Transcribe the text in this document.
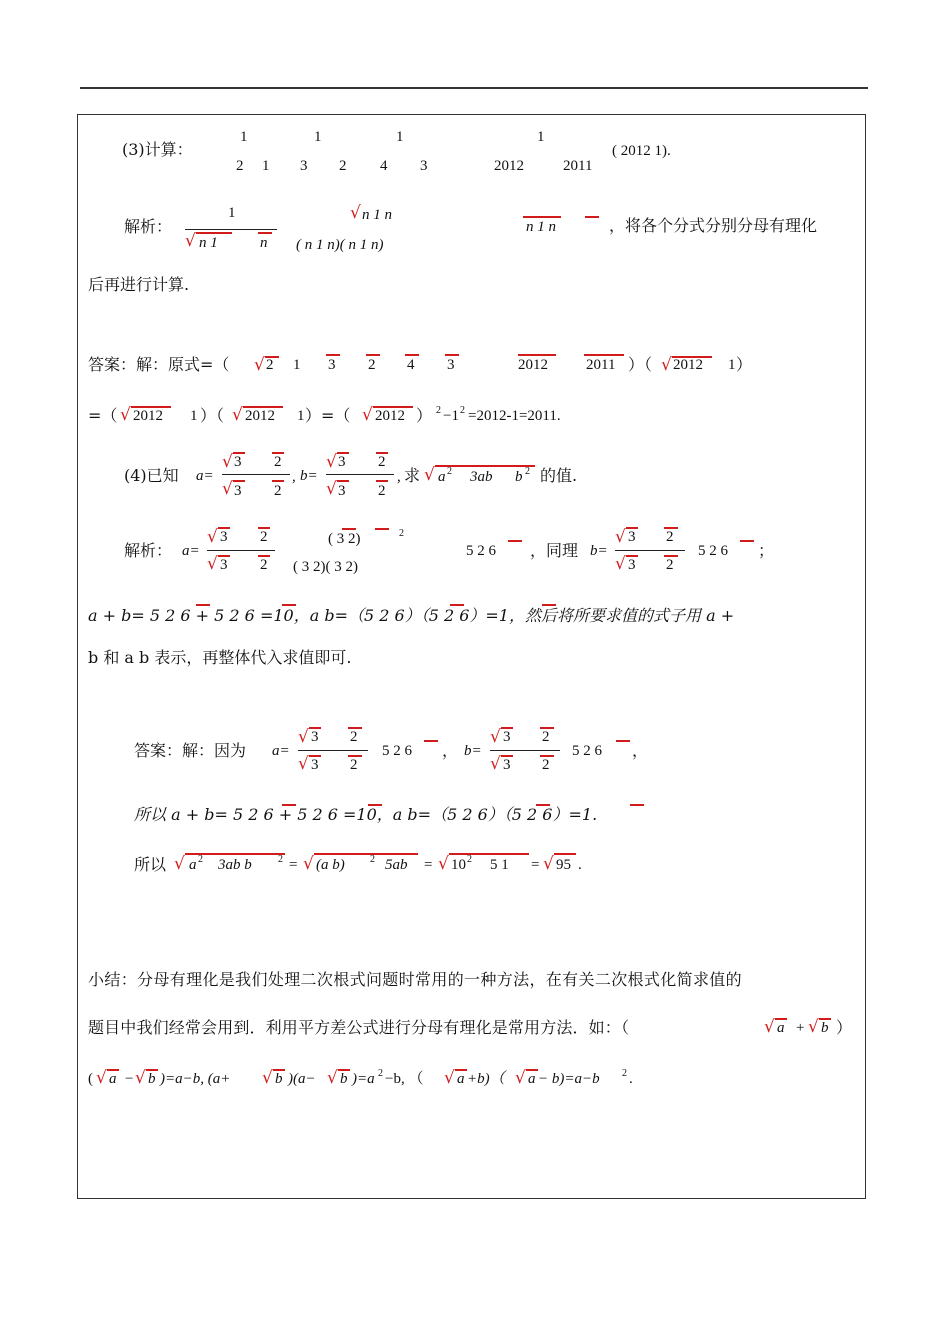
(3)计算：
1	1	1	1
2 1 3 2 4 3	2012	2011
( 2012 1).
解析：
1
√ n 1	n
√ n 1 n
( n 1 n)( n 1 n)
n 1 n	，将各个分式分别分母有理化
后再进行计算.
答案：解：原式=（ √ 2 1 3 2 4 3	2012	2011 ）（ √ 2012 1 ）
=（ √ 2012 1 ）（ √ 2012 1 ）=（ √ 2012 ） 2 −1 2 =2012-1=2011.
(4)已知 a=
√ 3 2
√ 3 2
, b=
√ 3 2
√ 3 2
, 求 √ a 2 3ab b 2 的值.
解析： a=
√ 3 2
√ 3 2
( 3 2)	2
( 3 2)( 3 2)
5 2 6 ，同理 b=
√ 3 2
√ 3 2
5 2 6 ；
a + b= 5 2 6 + 5 2 6 =10，a b=（5 2 6）（5 2 6）=1，然后将所要求值的式子用 a +
b 和 a b 表示，再整体代入求值即可.
答案：解：因为 a=
√ 3 2
√ 3 2
5 2 6 ， b=
√ 3 2
√ 3 2
5 2 6 ，
所以 a + b= 5 2 6 + 5 2 6 =10，a b=（5 2 6）（5 2 6）=1.
所以 √ a 2 3ab b	2 = √ (a b)	2 5ab = √ 10 2 5 1 = √ 95 .
小结：分母有理化是我们处理二次根式问题时常用的一种方法，在有关二次根式化简求值的
题目中我们经常会用到．利用平方差公式进行分母有理化是常用方法．如：（	√ a + √ b ）
( √ a − √ b )=a−b, (a+ √ b )(a− √ b )=a 2 −b, （ √ a +b)（ √ a − b)=a−b 2 .
